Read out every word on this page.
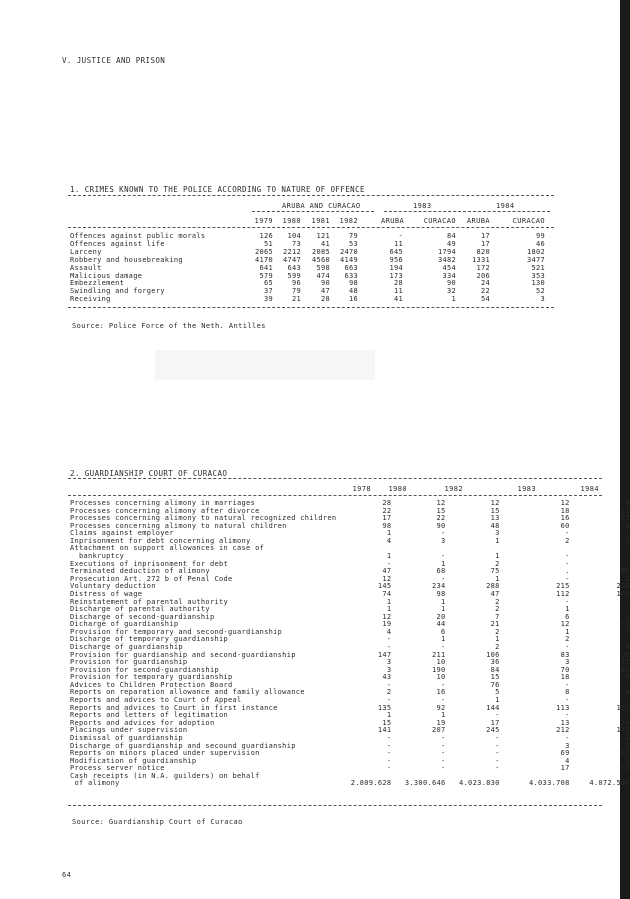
V. JUSTICE AND PRISON
1. CRIMES KNOWN TO THE POLICE ACCORDING TO NATURE OF OFFENCE
ARUBA AND CURACAO	1983	1984
1979	1980	1981	1982	ARUBA	CURACAO ARUBA	CURACAO
Offences against public morals	126	104	121	79	-	84	17	99
Offences against life	51	73	41	53	11	49	17	46
Larceny	2065	2212	2085	2470	645	1794	820	1802
Robbery and housebreaking	4170	4747	4560	4149	956	3482	1331	3477
Assault	641	643	598	663	194	454	172	521
Malicious damage	579	599	474	633	173	334	206	353
Embezzlement	65	96	90	98	28	90	24	130
Swindling and forgery	37	79	47	48	11	32	22	52
Receiving	39	21	28	16	41	1	54	3
Source: Police Force of the Neth. Antilles
2. GUARDIANSHIP COURT OF CURACAO
1978	1980	1982	1983	1984
Processes concerning alimony in marriages	28	12	12	12	4
Processes concerning alimony after divorce	22	15	15	18	11
Processes concerning alimony to natural recognized children	17	22	13	16	23
Processes concerning alimony to natural children	98	90	48	60	78
Claims against employer	1	-	3	-	-
Inprisonment for debt concerning alimony	4	3	1	2	2
Attachment on support allowances in case of					
bankruptcy	1	-	1	-	-
Executions of inprisonment for debt	-	1	2	-	-
Terminated deduction of alimony	47	68	75	.	86
Prosecution Art. 272 b of Penal Code	12	-	1	-	2
Voluntary deduction	145	234	288	215	203
Distress of wage	74	98	47	112	103
Reinstatement of parental authority	1	1	2	-	-
Discharge of parental authority	1	1	2	1	-
Discharge of second-guardianship	12	20	7	6	5
Dicharge of guardianship	19	44	21	12	31
Provision for temporary and second-guardianship	4	6	2	1	1
Discharge of temporary guardianship	-	1	1	2	-
Discharge of guardianship	-	-	2	-	4
Provision for guardianship and second-guardianship	147	211	106	83	95
Provision for guardianship	3	10	36	3	11
Provision for second-guardianship	3	190	84	70	67
Provision for temporary guardianship	43	10	15	18	6
Advices to Children Protection Board	-	-	76	-	-
Reports on reparation allowance and family allowance	2	16	5	8	4
Reports and advices to Court of Appeal	-	-	1	-	-
Reports and advices to Court in first instance	135	92	144	113	131
Reports and letters of legitimation	1	1	-	-	-
Reports and advices for adoption	15	19	17	13	14
Placings under supervision	141	207	245	212	173
Dismissal of guardianship	-	-	-	-	1
Discharge of guardianship and secound guardianship	-	-	-	3	3
Reports on minors placed under supervision	-	-	-	69	87
Modification of guardianship	-	-	-	4	2
Process server notice	-	-	-	17	38
Cash receipts (in N.A. guilders) on behalf					
of alimony	2.809.628	3.300.646	4.023.830	4.033.708	4.072.586
Source: Guardianship Court of Curacao
64
